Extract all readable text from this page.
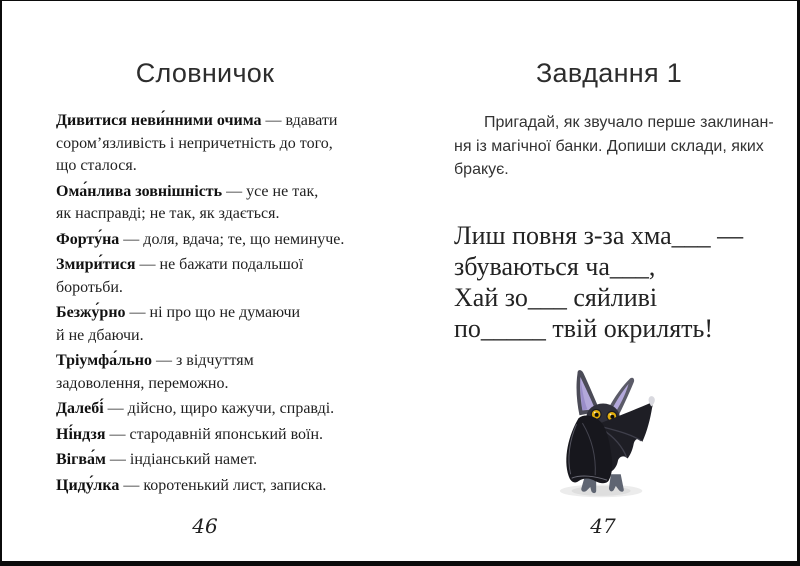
Словничок

Дивитися неви́нними очима — вдавати сором’язливість і непричетність до того, що сталося.

Ома́нлива зовнішність — усе не так, як насправді; не так, як здається.

Форту́на — доля, вдача; те, що неминуче.

Змири́тися — не бажати подальшої боротьби.

Безжу́рно — ні про що не думаючи й не дбаючи.

Тріумфа́льно — з відчуттям задоволення, переможно.

Далебі́ — дійсно, щиро кажучи, справді.

Ні́ндзя — стародавній японський воїн.

Вігва́м — індіанський намет.

Циду́лка — коротенький лист, записка.

Завдання 1
Пригадай, як звучало перше заклинан-
ня із магічної банки. Допиши склади, яких
бракує.
Лиш повня з-за хма___ —
збуваються ча___,
Хай зо___ сяйливі
по_____ твій окрилять!
46	47
